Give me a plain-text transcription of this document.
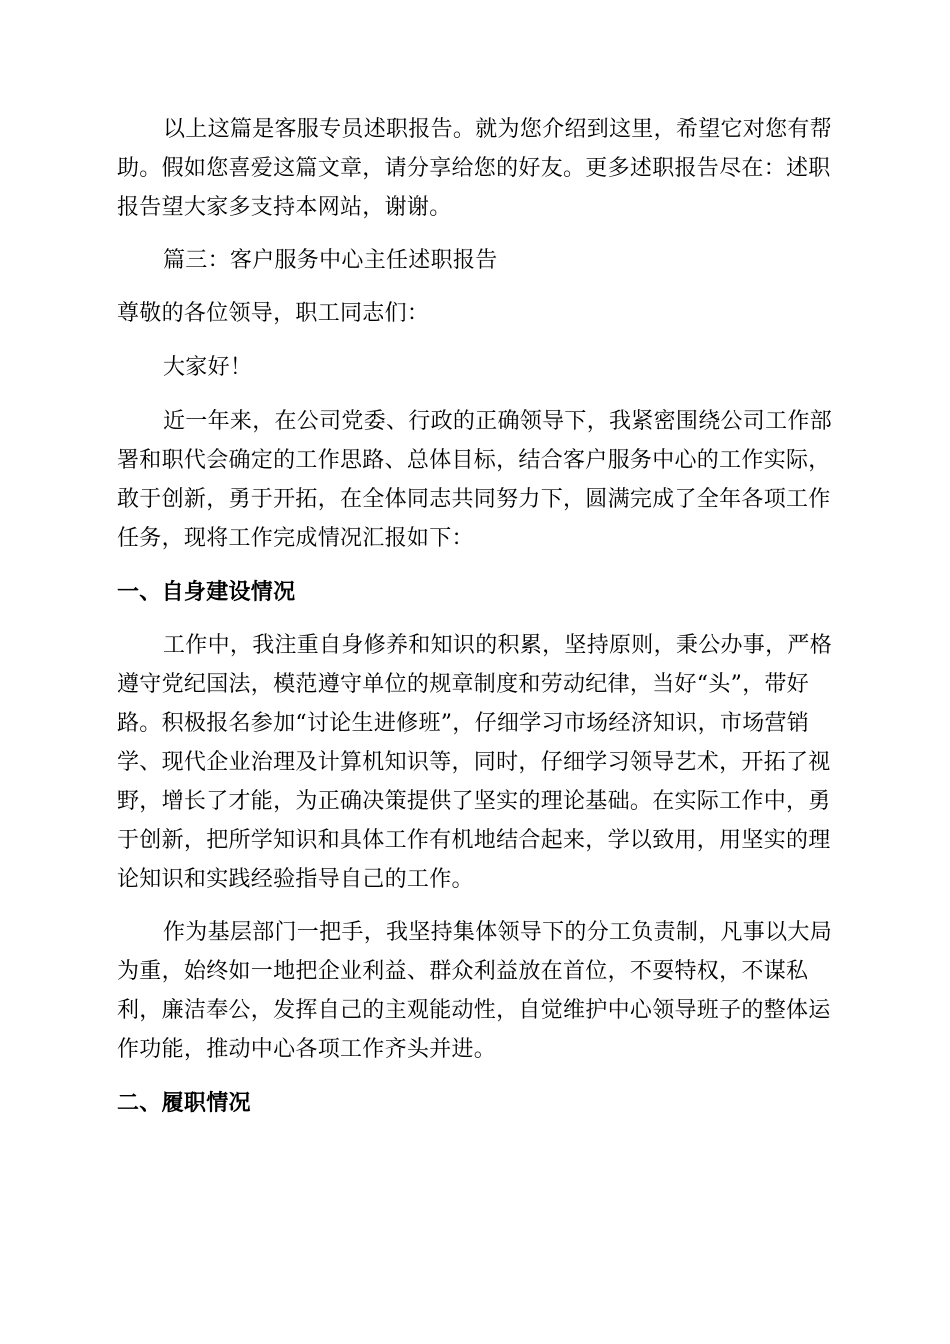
以上这篇是客服专员述职报告。就为您介绍到这里，希望它对您有帮
助。假如您喜爱这篇文章，请分享给您的好友。更多述职报告尽在：述职
报告望大家多支持本网站，谢谢。
篇三：客户服务中心主任述职报告
尊敬的各位领导，职工同志们：
大家好！
近一年来，在公司党委、行政的正确领导下，我紧密围绕公司工作部
署和职代会确定的工作思路、总体目标，结合客户服务中心的工作实际，
敢于创新，勇于开拓，在全体同志共同努力下，圆满完成了全年各项工作
任务，现将工作完成情况汇报如下：
一、自身建设情况
工作中，我注重自身修养和知识的积累，坚持原则，秉公办事，严格
遵守党纪国法，模范遵守单位的规章制度和劳动纪律，当好“头”，带好
路。积极报名参加“讨论生进修班”，仔细学习市场经济知识，市场营销
学、现代企业治理及计算机知识等，同时，仔细学习领导艺术，开拓了视
野，增长了才能，为正确决策提供了坚实的理论基础。在实际工作中，勇
于创新，把所学知识和具体工作有机地结合起来，学以致用，用坚实的理
论知识和实践经验指导自己的工作。
作为基层部门一把手，我坚持集体领导下的分工负责制，凡事以大局
为重，始终如一地把企业利益、群众利益放在首位，不耍特权，不谋私
利，廉洁奉公，发挥自己的主观能动性，自觉维护中心领导班子的整体运
作功能，推动中心各项工作齐头并进。
二、履职情况
